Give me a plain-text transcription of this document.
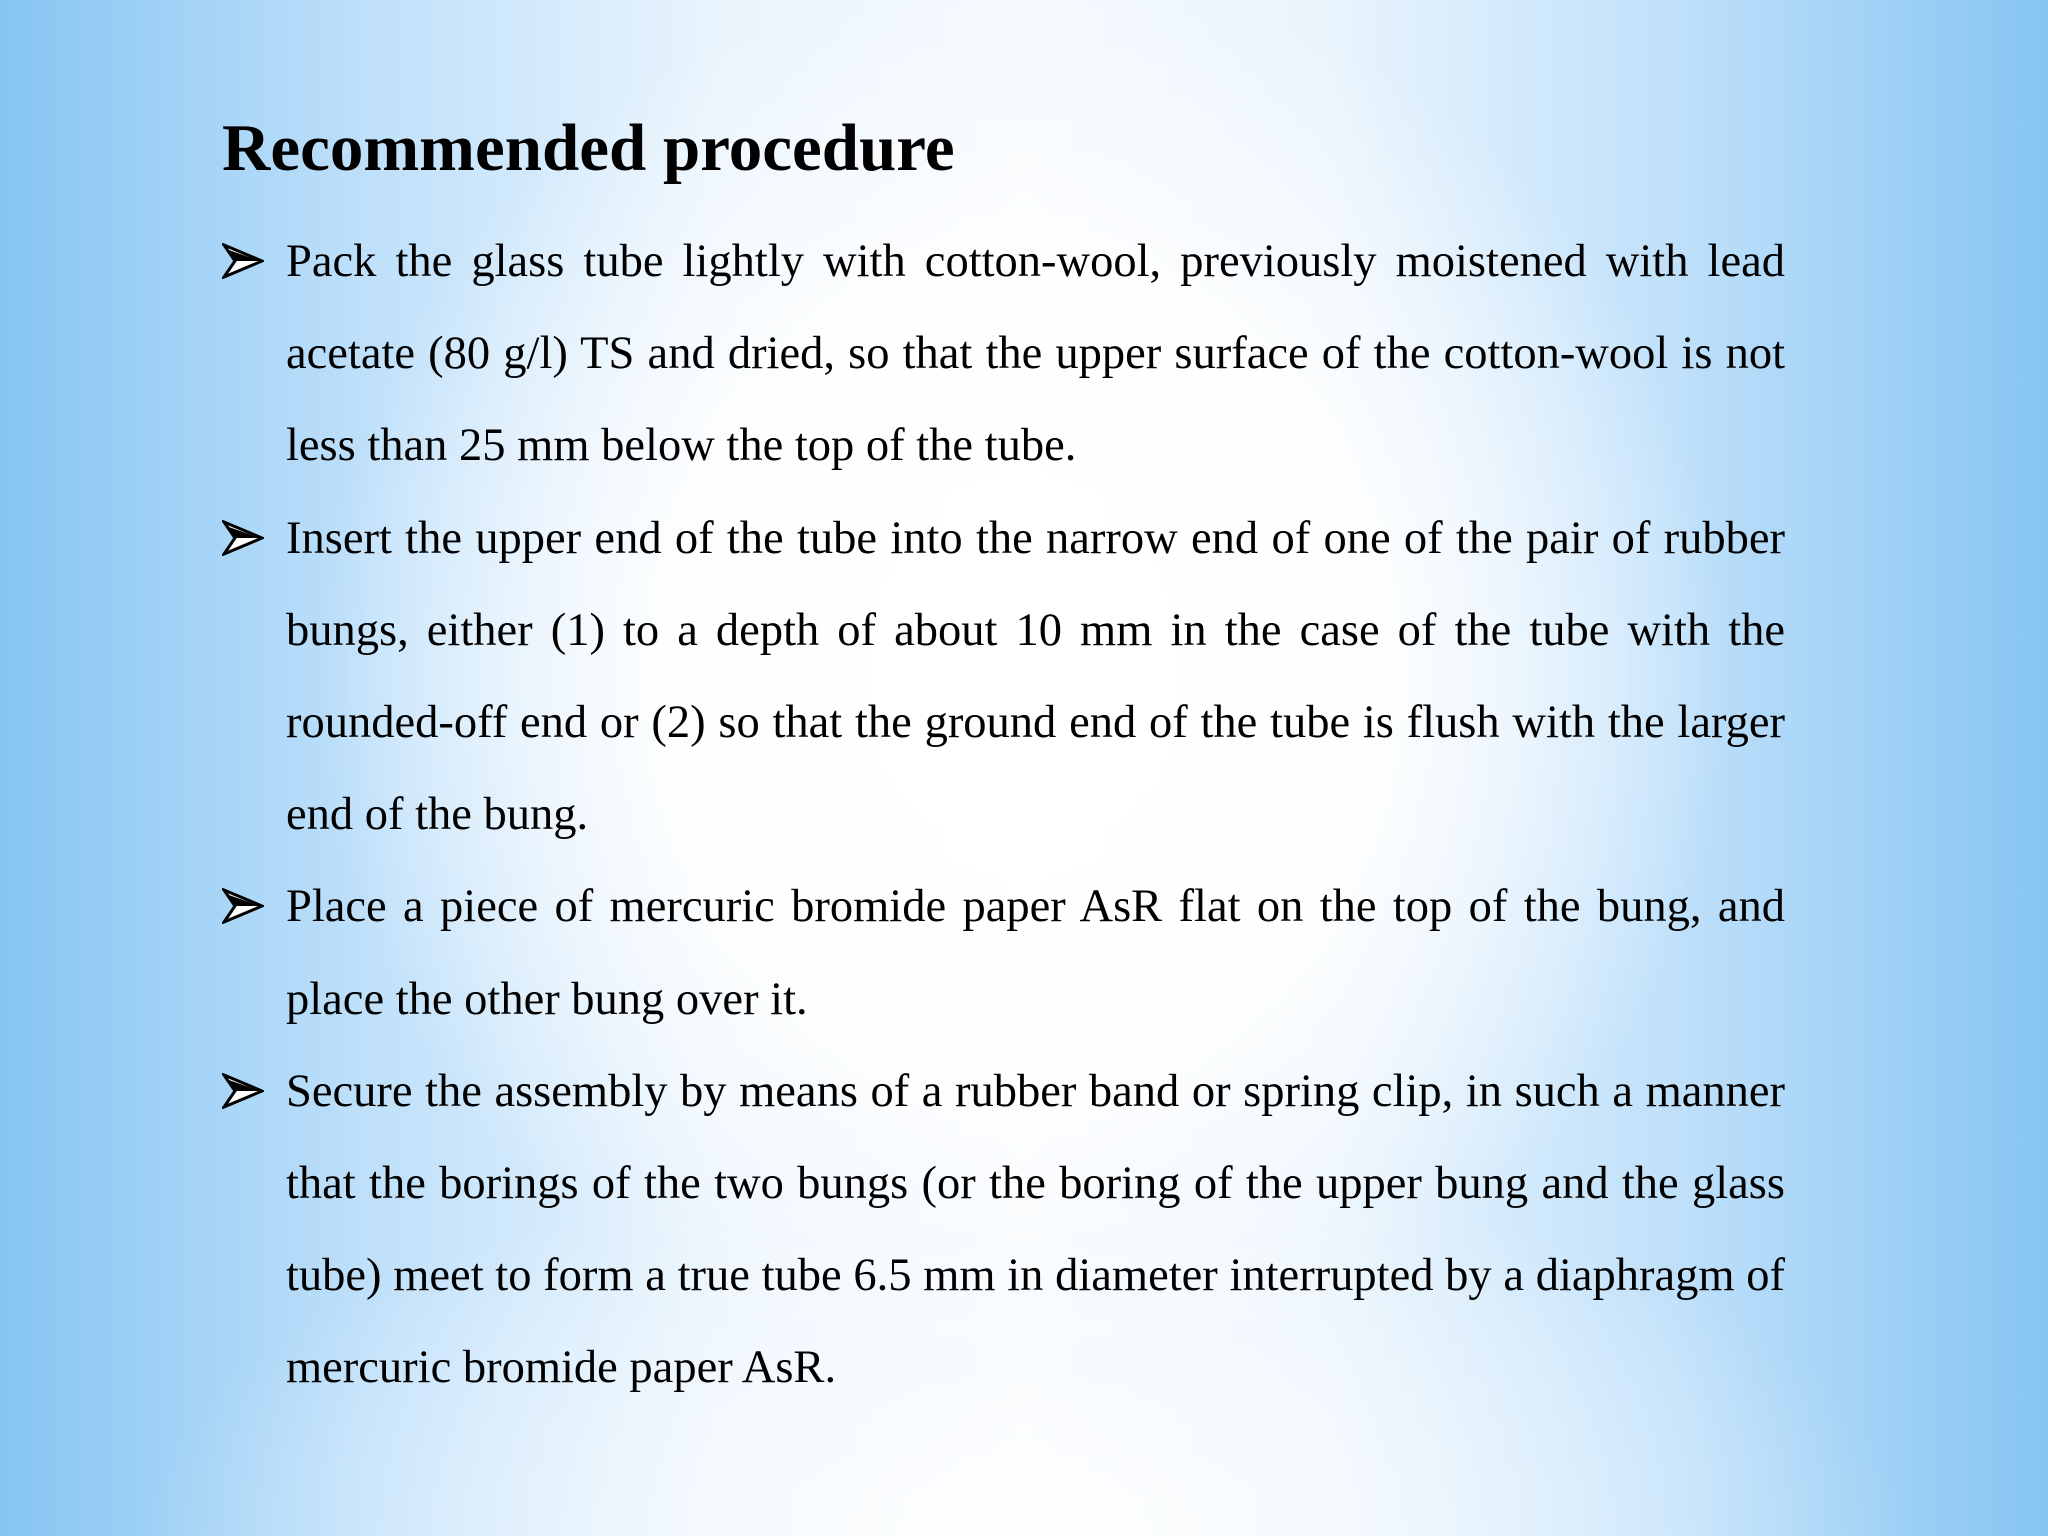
Recommended procedure
Pack the glass tube lightly with cotton-wool, previously moistened with lead acetate (80 g/l) TS and dried, so that the upper surface of the cotton-wool is not less than 25 mm below the top of the tube.
Insert the upper end of the tube into the narrow end of one of the pair of rubber bungs, either (1) to a depth of about 10 mm in the case of the tube with the rounded-off end or (2) so that the ground end of the tube is flush with the larger end of the bung.
Place a piece of mercuric bromide paper AsR flat on the top of the bung, and place the other bung over it.
Secure the assembly by means of a rubber band or spring clip, in such a manner that the borings of the two bungs (or the boring of the upper bung and the glass tube) meet to form a true tube 6.5 mm in diameter interrupted by a diaphragm of mercuric bromide paper AsR.
